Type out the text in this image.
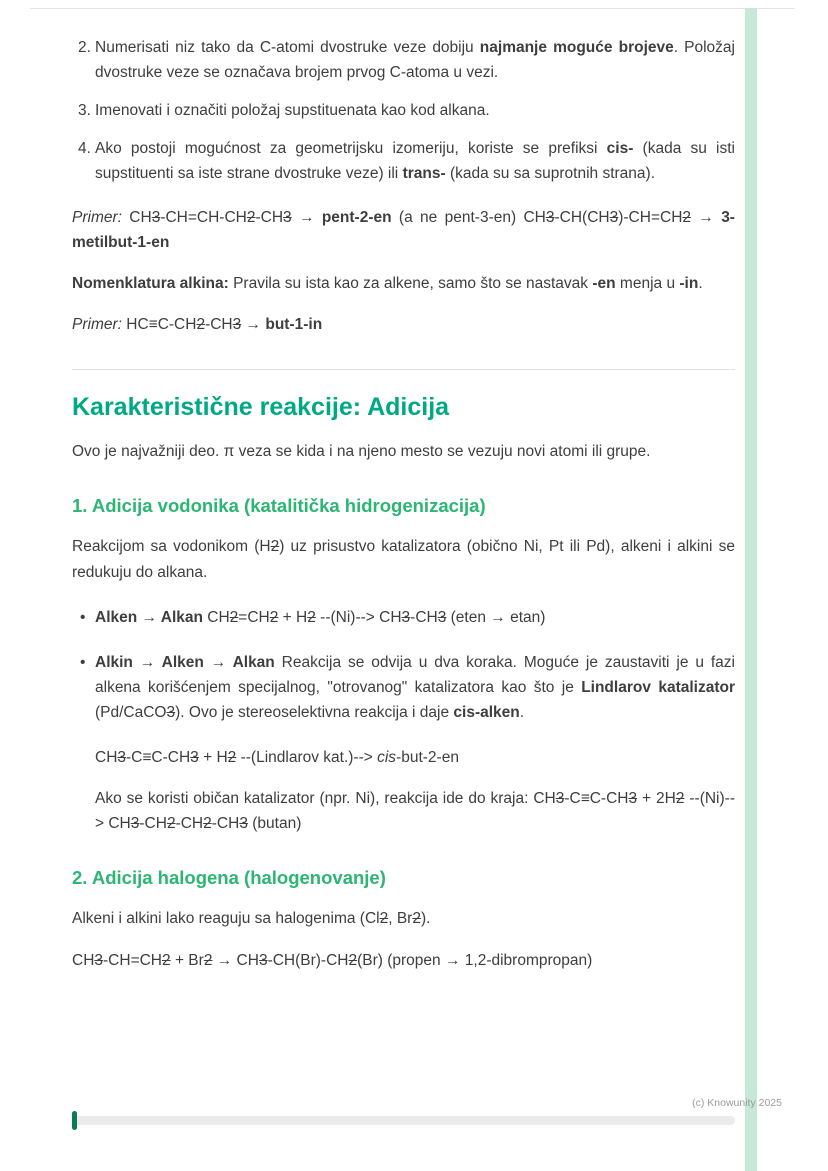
2. Numerisati niz tako da C-atomi dvostruke veze dobiju najmanje moguće brojeve. Položaj dvostruke veze se označava brojem prvog C-atoma u vezi.
3. Imenovati i označiti položaj supstituenata kao kod alkana.
4. Ako postoji mogućnost za geometrijsku izomeriju, koriste se prefiksi cis- (kada su isti supstituenti sa iste strane dvostruke veze) ili trans- (kada su sa suprotnih strana).

Primer: CH3-CH=CH-CH2-CH3 → pent-2-en (a ne pent-3-en) CH3-CH(CH3)-CH=CH2 → 3-metilbut-1-en

Nomenklatura alkina: Pravila su ista kao za alkene, samo što se nastavak -en menja u -in.

Primer: HC≡C-CH2-CH3 → but-1-in

Karakteristične reakcije: Adicija

Ovo je najvažniji deo. π veza se kida i na njeno mesto se vezuju novi atomi ili grupe.

1. Adicija vodonika (katalitička hidrogenizacija)

Reakcijom sa vodonikom (H2) uz prisustvo katalizatora (obično Ni, Pt ili Pd), alkeni i alkini se redukuju do alkana.

• Alken → Alkan CH2=CH2 + H2 --(Ni)--> CH3-CH3 (eten → etan)
• Alkin → Alken → Alkan Reakcija se odvija u dva koraka. Moguće je zaustaviti je u fazi alkena korišćenjem specijalnog, "otrovanog" katalizatora kao što je Lindlarov katalizator (Pd/CaCO3). Ovo je stereoselektivna reakcija i daje cis-alken.

CH3-C≡C-CH3 + H2 --(Lindlarov kat.)--> cis-but-2-en

Ako se koristi običan katalizator (npr. Ni), reakcija ide do kraja: CH3-C≡C-CH3 + 2H2 --(Ni)--> CH3-CH2-CH2-CH3 (butan)

2. Adicija halogena (halogenovanje)

Alkeni i alkini lako reaguju sa halogenima (Cl2, Br2).

CH3-CH=CH2 + Br2 → CH3-CH(Br)-CH2(Br) (propen → 1,2-dibrompropan)

(c) Knowunity 2025
